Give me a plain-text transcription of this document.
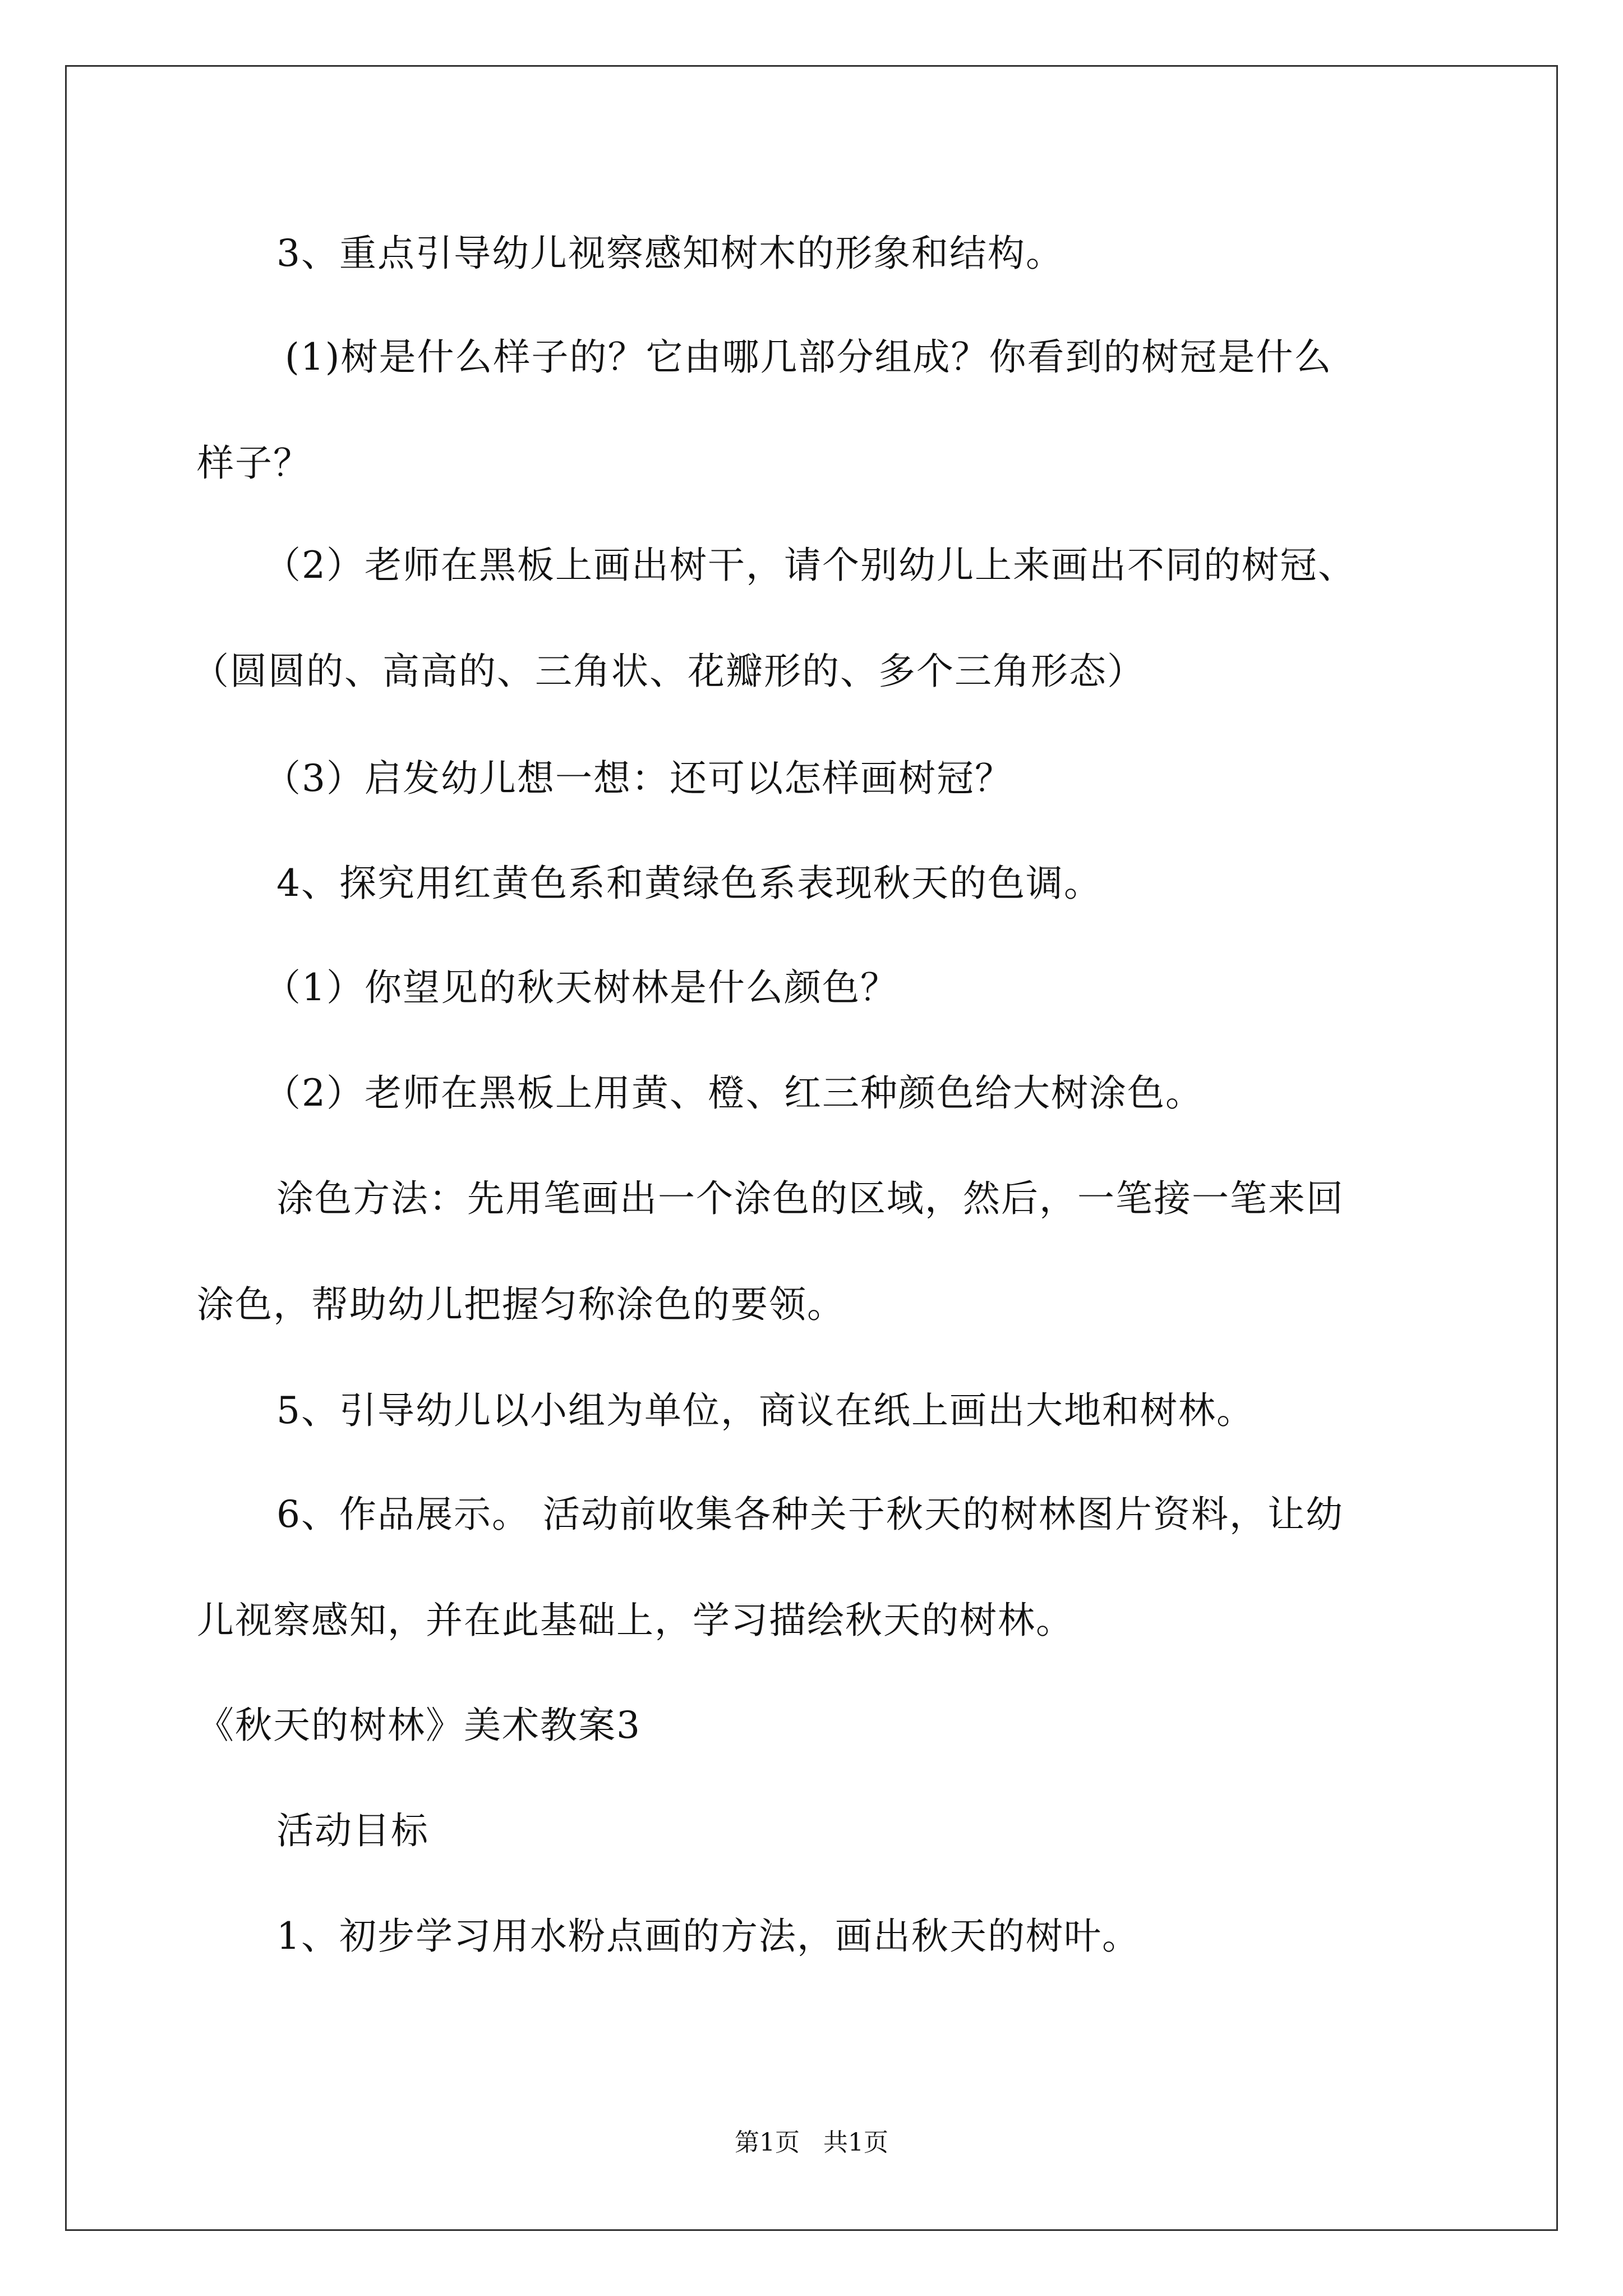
3、重点引导幼儿视察感知树木的形象和结构。
(1)树是什么样子的？它由哪几部分组成？你看到的树冠是什么
样子？
（2）老师在黑板上画出树干，请个别幼儿上来画出不同的树冠、
（圆圆的、高高的、三角状、花瓣形的、多个三角形态）
（3）启发幼儿想一想：还可以怎样画树冠？
4、探究用红黄色系和黄绿色系表现秋天的色调。
（1）你望见的秋天树林是什么颜色？
（2）老师在黑板上用黄、橙、红三种颜色给大树涂色。
涂色方法：先用笔画出一个涂色的区域，然后，一笔接一笔来回
涂色，帮助幼儿把握匀称涂色的要领。
5、引导幼儿以小组为单位，商议在纸上画出大地和树林。
6、作品展示。 活动前收集各种关于秋天的树林图片资料，让幼
儿视察感知，并在此基础上，学习描绘秋天的树林。
《秋天的树林》美术教案3
活动目标
1、初步学习用水粉点画的方法，画出秋天的树叶。
第1页   共1页
